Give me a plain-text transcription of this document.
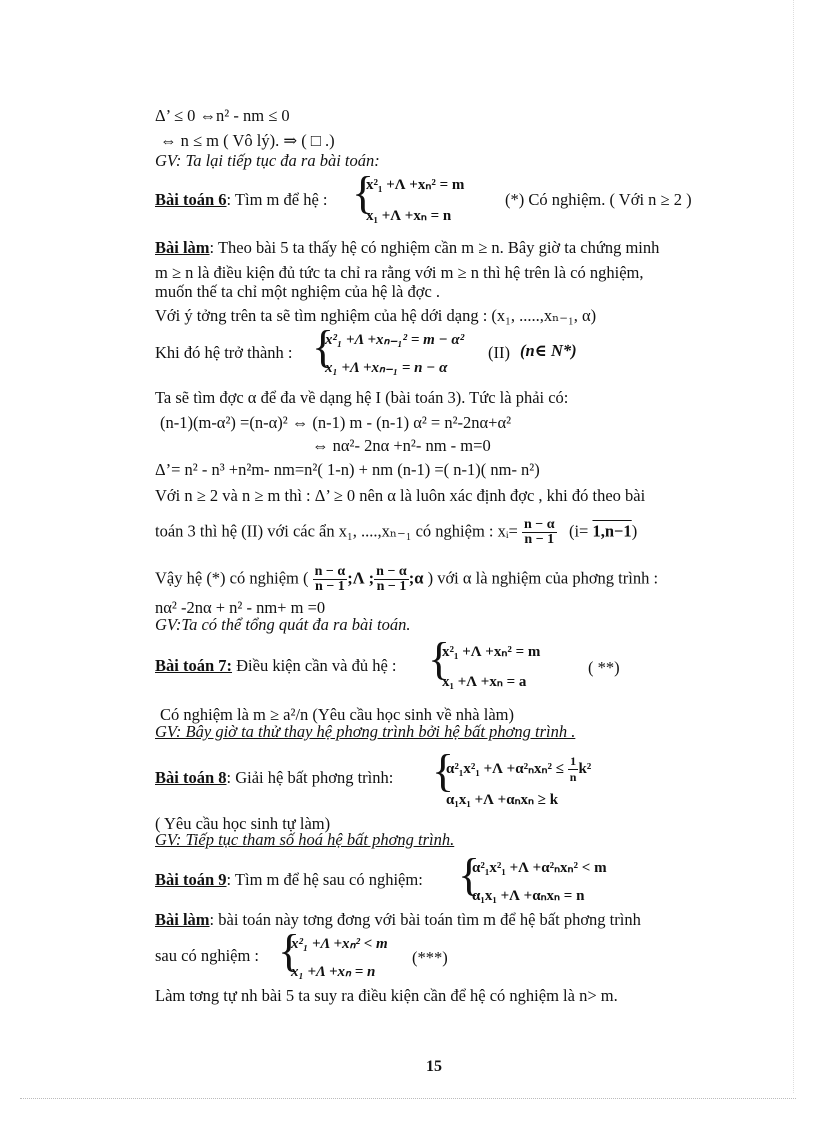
Δ’ ≤ 0 ⇔n² - nm ≤ 0
⇔ n ≤ m ( Vô lý). ⇒ ( □ .)
GV: Ta lại tiếp tục đa ra bài toán:
Bài toán 6: Tìm m để hệ : {
x²₁ +Λ +xₙ² = m
x₁ +Λ +xₙ = n
(*) Có nghiệm. ( Với n ≥ 2 )
Bài làm: Theo bài 5 ta thấy hệ có nghiệm cần m ≥ n. Bây giờ ta chứng minh
m ≥ n là điều kiện đủ tức ta chỉ ra rằng với m ≥ n thì hệ trên là có nghiệm,
muốn thế ta chỉ một nghiệm của hệ là đợc .
Với ý tởng trên ta sẽ tìm nghiệm của hệ dới dạng : (x₁, .....,xₙ₋₁, α)
Khi đó hệ trở thành : {
x²₁ +Λ +xₙ₋₁² = m − α²
x₁ +Λ +xₙ₋₁ = n − α
(II) (n∈ N*)
Ta sẽ tìm đợc α để đa về dạng hệ I (bài toán 3). Tức là phải có:
(n-1)(m-α²) =(n-α)² ⇔ (n-1) m - (n-1) α² = n²-2nα+α²
⇔ nα²- 2nα +n²- nm - m=0
Δ’= n² - n³ +n²m- nm=n²( 1-n) + nm (n-1) =( n-1)( nm- n²)
Với n ≥ 2 và n ≥ m thì : Δ’ ≥ 0 nên α là luôn xác định đợc , khi đó theo bài
toán 3 thì hệ (II) với các ẩn x₁, ....,xₙ₋₁ có nghiệm : xᵢ= $\frac{n - \alpha}{n - 1} (i= 1,n-1)$
Vậy hệ (*) có nghiệm ( $\frac{n - \alpha}{n - 1}$ ;Λ ; $\frac{n - \alpha}{n - 1}$ ;α ) với α là nghiệm của phơng trình :
nα² -2nα + n² - nm+ m =0
GV:Ta có thể tổng quát đa ra bài toán.
Bài toán 7: Điều kiện cần và đủ hệ : {
x²₁ +Λ +xₙ² = m
x₁ +Λ +xₙ = a
( **)
Có nghiệm là m ≥ a²/n (Yêu cầu học sinh về nhà làm)
GV: Bây giờ ta thử thay hệ phơng trình bởi hệ bất phơng trình .
Bài toán 8: Giải hệ bất phơng trình: {
$\alpha^2_1x^2_1 +\Lambda +\alpha^2_nx_n^2 \le \frac{1}{n} k^2$
α₁x₁ +Λ +αₙxₙ ≥ k
( Yêu cầu học sinh tự làm)
GV: Tiếp tục tham số hoá hệ bất phơng trình.
Bài toán 9: Tìm m để hệ sau có nghiệm: {
α²₁x²₁ +Λ +α²ₙxₙ² < m
α₁x₁ +Λ +αₙxₙ = n
Bài làm: bài toán này tơng đơng với bài toán tìm m để hệ bất phơng trình
sau có nghiệm : {
x²₁ +Λ +xₙ² < m
x₁ +Λ +xₙ = n
(***)
Làm tơng tự nh bài 5 ta suy ra điều kiện cần để hệ có nghiệm là n> m.
15
